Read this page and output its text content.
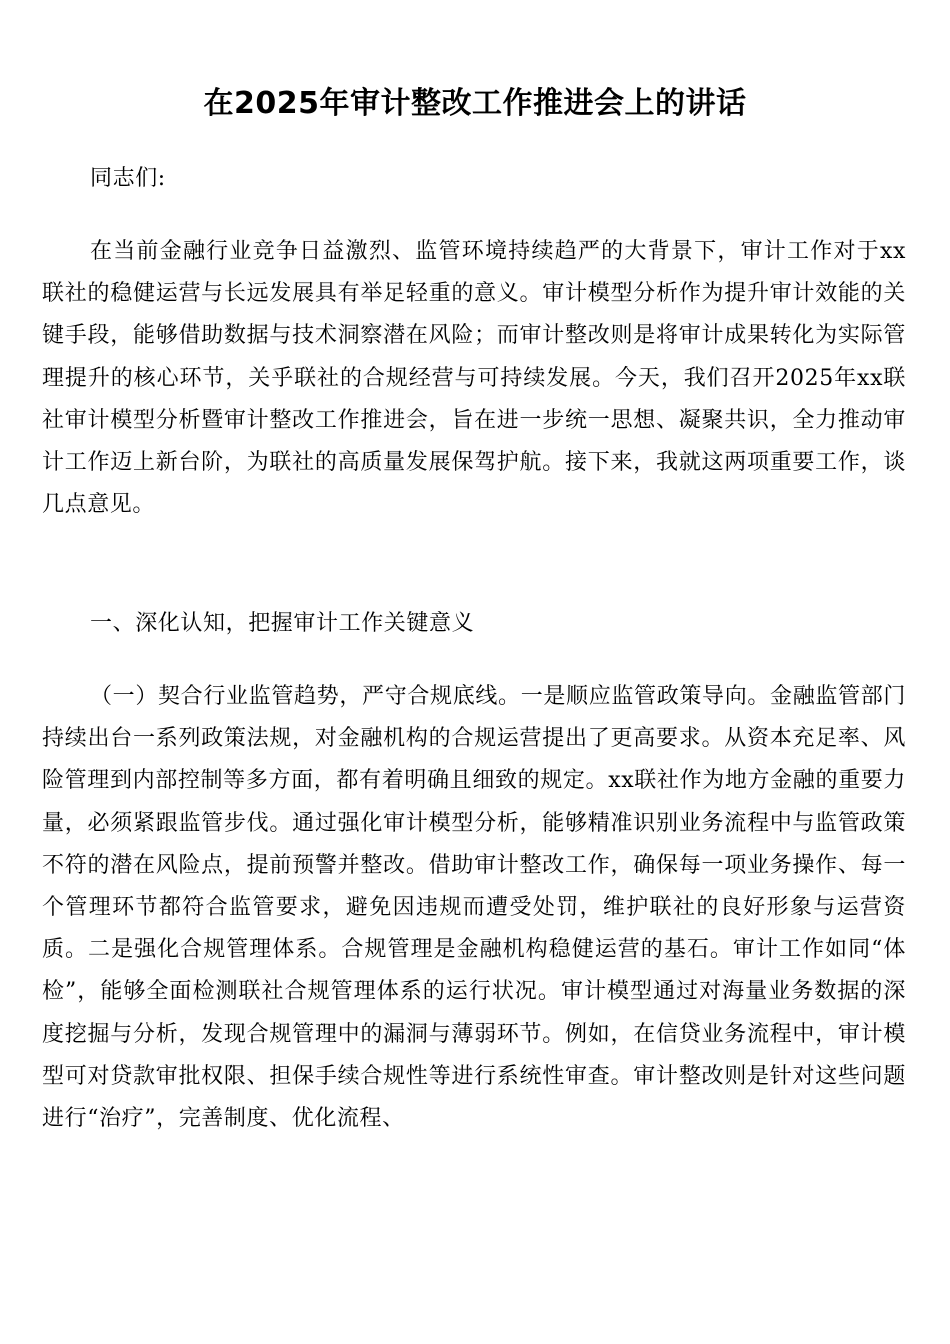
在2025年审计整改工作推进会上的讲话

同志们:

在当前金融行业竞争日益激烈、监管环境持续趋严的大背景下，审计工作对于xx联社的稳健运营与长远发展具有举足轻重的意义。审计模型分析作为提升审计效能的关键手段，能够借助数据与技术洞察潜在风险；而审计整改则是将审计成果转化为实际管理提升的核心环节，关乎联社的合规经营与可持续发展。今天，我们召开2025年xx联社审计模型分析暨审计整改工作推进会，旨在进一步统一思想、凝聚共识，全力推动审计工作迈上新台阶，为联社的高质量发展保驾护航。接下来，我就这两项重要工作，谈几点意见。

一、深化认知，把握审计工作关键意义

（一）契合行业监管趋势，严守合规底线。一是顺应监管政策导向。金融监管部门持续出台一系列政策法规，对金融机构的合规运营提出了更高要求。从资本充足率、风险管理到内部控制等多方面，都有着明确且细致的规定。xx联社作为地方金融的重要力量，必须紧跟监管步伐。通过强化审计模型分析，能够精准识别业务流程中与监管政策不符的潜在风险点，提前预警并整改。借助审计整改工作，确保每一项业务操作、每一个管理环节都符合监管要求，避免因违规而遭受处罚，维护联社的良好形象与运营资质。二是强化合规管理体系。合规管理是金融机构稳健运营的基石。审计工作如同“体检”，能够全面检测联社合规管理体系的运行状况。审计模型通过对海量业务数据的深度挖掘与分析，发现合规管理中的漏洞与薄弱环节。例如，在信贷业务流程中，审计模型可对贷款审批权限、担保手续合规性等进行系统性审查。审计整改则是针对这些问题进行“治疗”，完善制度、优化流程、
